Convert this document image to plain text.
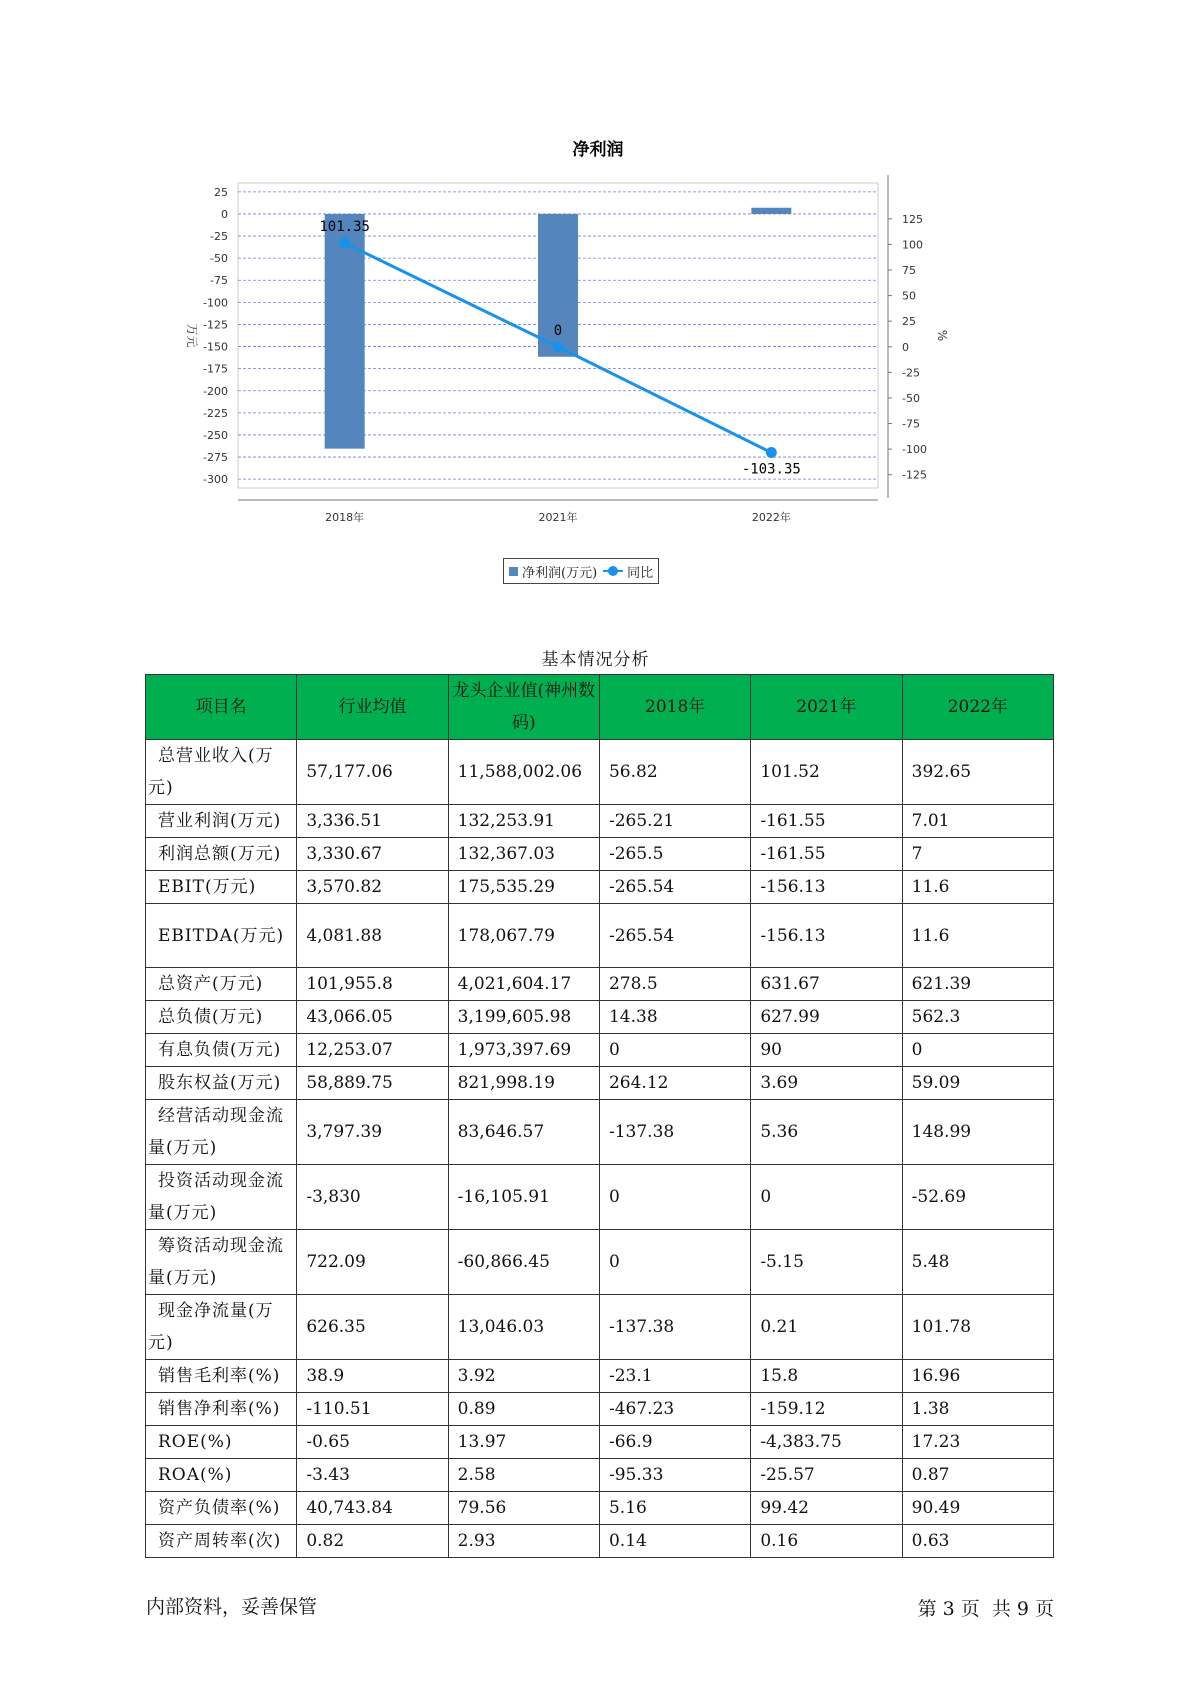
净利润
25
0
-25
-50
-75
-100
-125
-150
-175
-200
-225
-250
-275
-300
125
100
75
50
25
0
-25
-50
-75
-100
-125
2018年	2021年	2022年
万元	%
101.35
0
-103.35
净利润(万元) 同比
基本情况分析
项目名	行业均值	龙头企业值(神州数码)	2018年	2021年	2022年

总营业收入(万元)	57,177.06	11,588,002.06	56.82	101.52	392.65

营业利润(万元)	3,336.51	132,253.91	-265.21	-161.55	7.01

利润总额(万元)	3,330.67	132,367.03	-265.5	-161.55	7

EBIT(万元)	3,570.82	175,535.29	-265.54	-156.13	11.6

EBITDA(万元)	4,081.88	178,067.79	-265.54	-156.13	11.6

总资产(万元)	101,955.8	4,021,604.17	278.5	631.67	621.39

总负债(万元)	43,066.05	3,199,605.98	14.38	627.99	562.3

有息负债(万元)	12,253.07	1,973,397.69	0	90	0

股东权益(万元)	58,889.75	821,998.19	264.12	3.69	59.09

经营活动现金流量(万元)	3,797.39	83,646.57	-137.38	5.36	148.99

投资活动现金流量(万元)	-3,830	-16,105.91	0	0	-52.69

筹资活动现金流量(万元)	722.09	-60,866.45	0	-5.15	5.48

现金净流量(万元)	626.35	13,046.03	-137.38	0.21	101.78

销售毛利率(%)	38.9	3.92	-23.1	15.8	16.96

销售净利率(%)	-110.51	0.89	-467.23	-159.12	1.38

ROE(%)	-0.65	13.97	-66.9	-4,383.75	17.23

ROA(%)	-3.43	2.58	-95.33	-25.57	0.87

资产负债率(%)	40,743.84	79.56	5.16	99.42	90.49

资产周转率(次)	0.82	2.93	0.14	0.16	0.63
内部资料，妥善保管	第 3 页  共 9 页
